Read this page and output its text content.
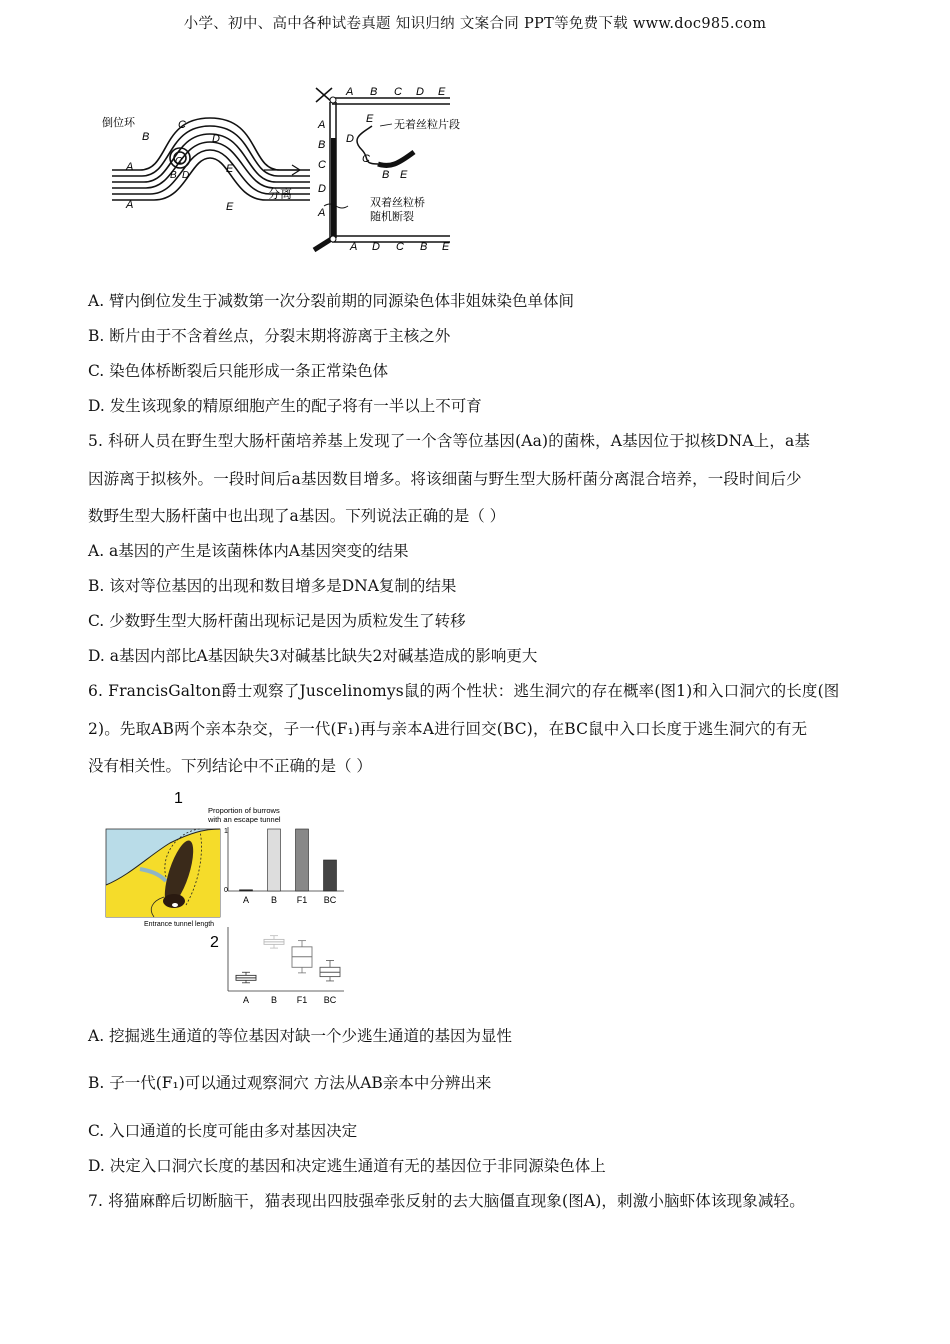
小学、初中、高中各种试卷真题 知识归纳 文案合同 PPT等免费下载 www.doc985.com
倒位环
A
B
C
D
E
C
B D
A	E
分离
A B C D E
A
B
C
D
A
A D C B E
E
D
C
B E
无着丝粒片段
双着丝粒桥
随机断裂
A. 臂内倒位发生于减数第一次分裂前期的同源染色体非姐妹染色单体间
B. 断片由于不含着丝点，分裂末期将游离于主核之外
C. 染色体桥断裂后只能形成一条正常染色体
D. 发生该现象的精原细胞产生的配子将有一半以上不可育
5. 科研人员在野生型大肠杆菌培养基上发现了一个含等位基因(Aa)的菌株，A基因位于拟核DNA上，a基
因游离于拟核外。一段时间后a基因数目增多。将该细菌与野生型大肠杆菌分离混合培养，一段时间后少
数野生型大肠杆菌中也出现了a基因。下列说法正确的是（ ）
A. a基因的产生是该菌株体内A基因突变的结果
B. 该对等位基因的出现和数目增多是DNA复制的结果
C. 少数野生型大肠杆菌出现标记是因为质粒发生了转移
D. a基因内部比A基因缺失3对碱基比缺失2对碱基造成的影响更大
6. FrancisGalton爵士观察了Juscelinomys鼠的两个性状：逃生洞穴的存在概率(图1)和入口洞穴的长度(图
2)。先取AB两个亲本杂交，子一代(F₁)再与亲本A进行回交(BC)，在BC鼠中入口长度于逃生洞穴的有无
没有相关性。下列结论中不正确的是（ ）
1
Proportion of burrows
with an escape tunnel
1
0
A B F1 BC
Entrance tunnel length
2
A B F1 BC
A. 挖掘逃生通道的等位基因对缺一个少逃生通道的基因为显性
B. 子一代(F₁)可以通过观察洞穴 方法从AB亲本中分辨出来
C. 入口通道的长度可能由多对基因决定
D. 决定入口洞穴长度的基因和决定逃生通道有无的基因位于非同源染色体上
7. 将猫麻醉后切断脑干，猫表现出四肢强牵张反射的去大脑僵直现象(图A)，刺激小脑虾体该现象减轻。
